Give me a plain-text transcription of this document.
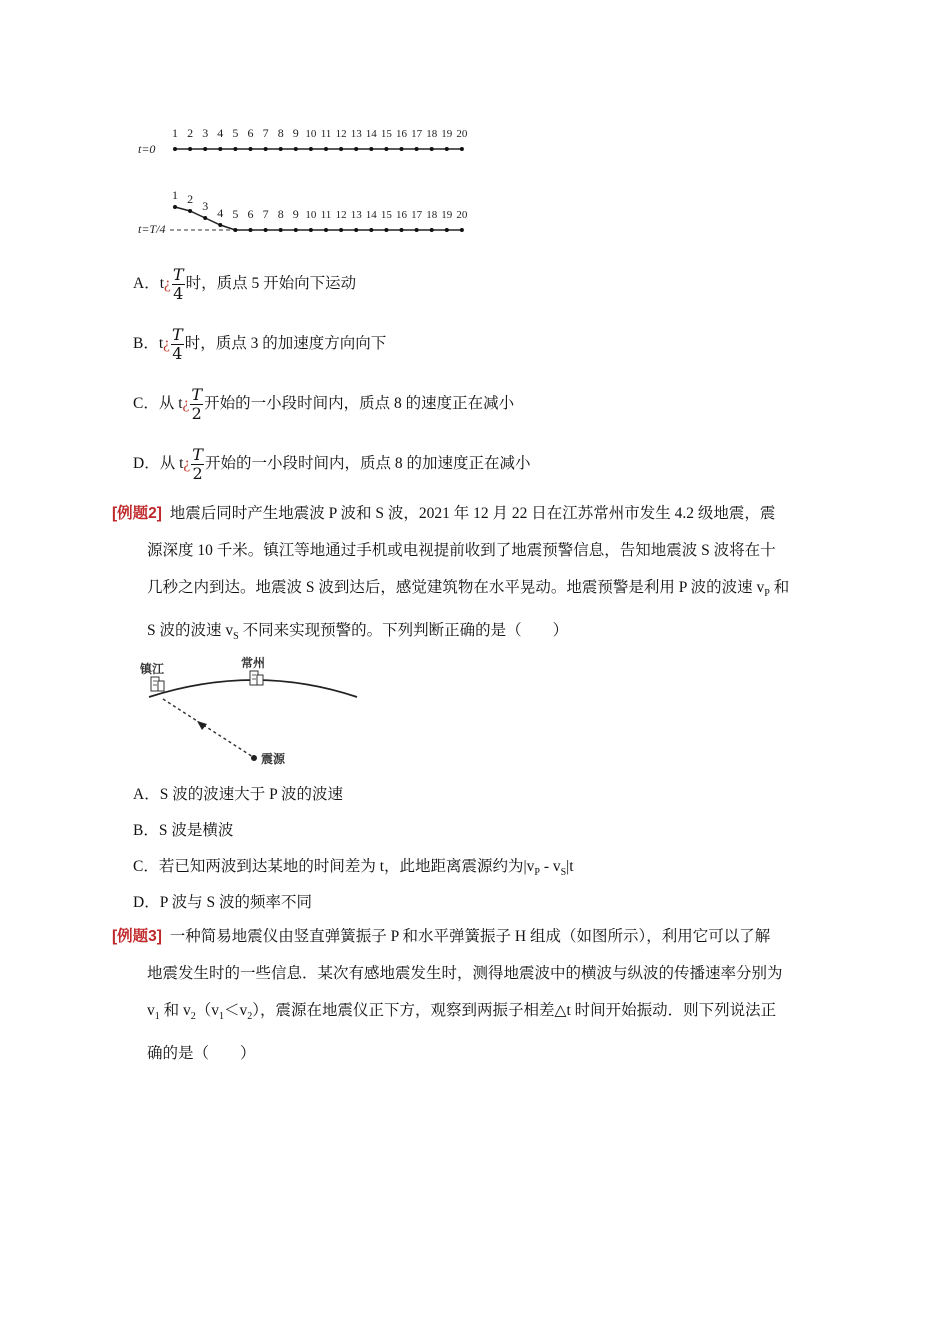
1 2 3 4 5 6 7 8 9 10 11 12 13 14 15 16 17 18 19 20
t=0
1 2 3 4 5 6 7 8 9 10 11 12 13 14 15 16 17 18 19 20
t=T/4
A．t¿ $\frac{T}{4}$ 时，质点 5 开始向下运动
B．t¿ $\frac{T}{4}$ 时，质点 3 的加速度方向向下
C．从 t¿ $\frac{T}{2}$ 开始的一小段时间内，质点 8 的速度正在减小
D．从 t¿ $\frac{T}{2}$ 开始的一小段时间内，质点 8 的加速度正在减小
[例题2] 地震后同时产生地震波 P 波和 S 波，2021 年 12 月 22 日在江苏常州市发生 4.2 级地震，震

源深度 10 千米。镇江等地通过手机或电视提前收到了地震预警信息，告知地震波 S 波将在十
几秒之内到达。地震波 S 波到达后，感觉建筑物在水平晃动。地震预警是利用 P 波的波速 $v_P$ 和
S 波的波速 $v_S$ 不同来实现预警的。下列判断正确的是（　　）
镇江	常州
震源
A．S 波的波速大于 P 波的波速
B．S 波是横波
C．若已知两波到达某地的时间差为 t，此地距离震源约为$|v_P - v_S|t$
D．P 波与 S 波的频率不同
[例题3] 一种简易地震仪由竖直弹簧振子 P 和水平弹簧振子 H 组成（如图所示），利用它可以了解

地震发生时的一些信息．某次有感地震发生时，测得地震波中的横波与纵波的传播速率分别为
$v_1$ 和 $v_2(v_1<v_2)$，震源在地震仪正下方，观察到两振子相差△t 时间开始振动．则下列说法正
确的是（　　）
